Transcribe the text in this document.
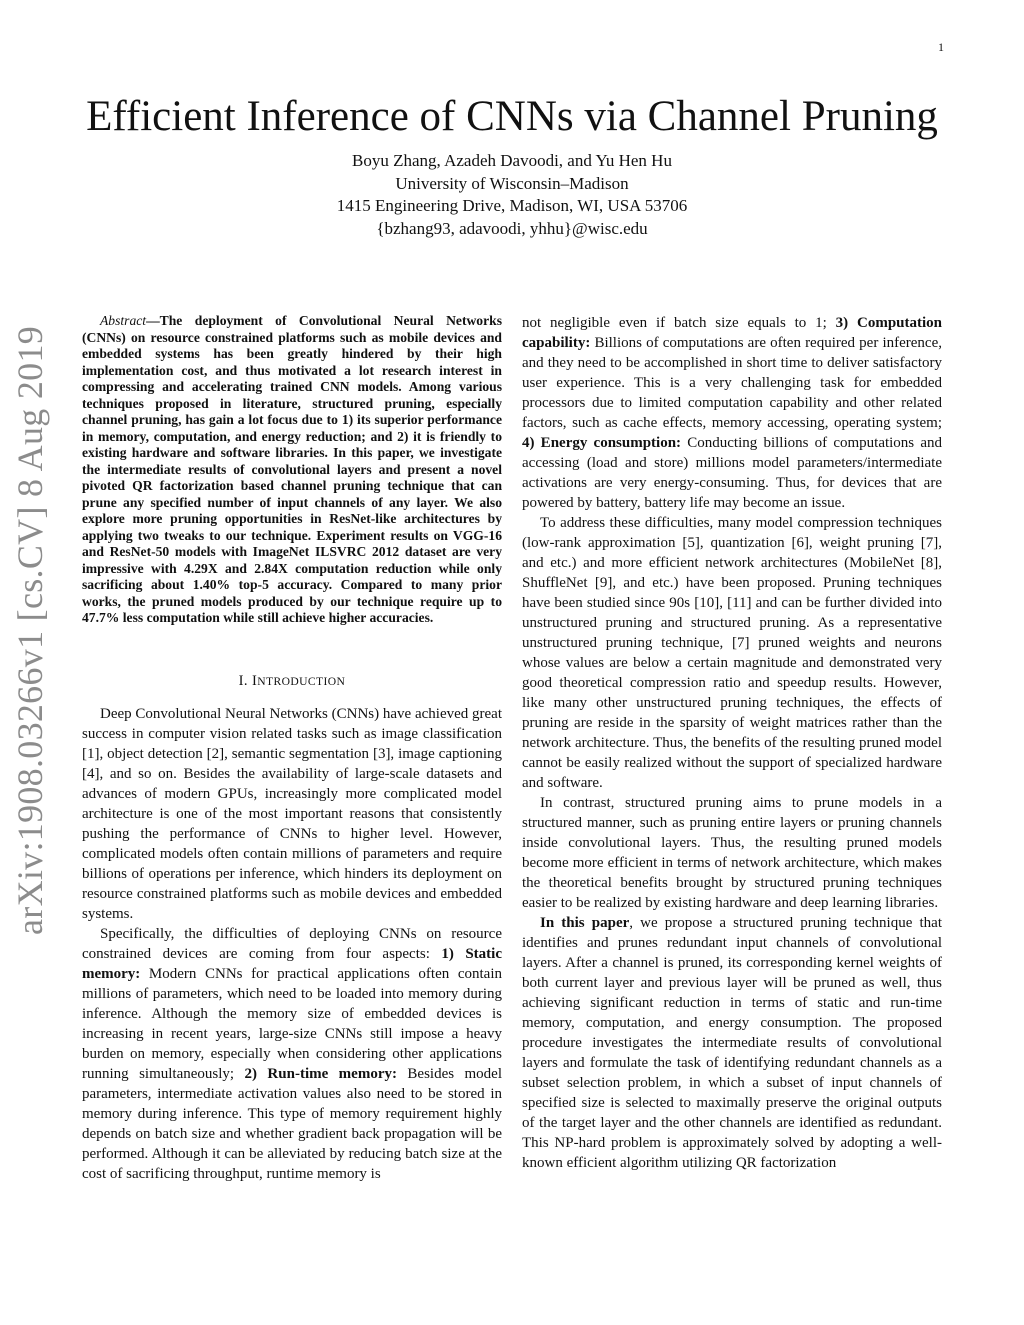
1
arXiv:1908.03266v1 [cs.CV] 8 Aug 2019
Efficient Inference of CNNs via Channel Pruning
Boyu Zhang, Azadeh Davoodi, and Yu Hen Hu
University of Wisconsin–Madison
1415 Engineering Drive, Madison, WI, USA 53706
{bzhang93, adavoodi, yhhu}@wisc.edu

Abstract—The deployment of Convolutional Neural Networks (CNNs) on resource constrained platforms such as mobile devices and embedded systems has been greatly hindered by their high implementation cost, and thus motivated a lot research interest in compressing and accelerating trained CNN models. Among various techniques proposed in literature, structured pruning, especially channel pruning, has gain a lot focus due to 1) its superior performance in memory, computation, and energy reduction; and 2) it is friendly to existing hardware and software libraries. In this paper, we investigate the intermediate results of convolutional layers and present a novel pivoted QR factorization based channel pruning technique that can prune any specified number of input channels of any layer. We also explore more pruning opportunities in ResNet-like architectures by applying two tweaks to our technique. Experiment results on VGG-16 and ResNet-50 models with ImageNet ILSVRC 2012 dataset are very impressive with 4.29X and 2.84X computation reduction while only sacrificing about 1.40% top-5 accuracy. Compared to many prior works, the pruned models produced by our technique require up to 47.7% less computation while still achieve higher accuracies.

I. INTRODUCTION

Deep Convolutional Neural Networks (CNNs) have achieved great success in computer vision related tasks such as image classification [1], object detection [2], semantic segmentation [3], image captioning [4], and so on. Besides the availability of large-scale datasets and advances of modern GPUs, increasingly more complicated model architecture is one of the most important reasons that consistently pushing the performance of CNNs to higher level. However, complicated models often contain millions of parameters and require billions of operations per inference, which hinders its deployment on resource constrained platforms such as mobile devices and embedded systems.

Specifically, the difficulties of deploying CNNs on resource constrained devices are coming from four aspects: 1) Static memory: Modern CNNs for practical applications often contain millions of parameters, which need to be loaded into memory during inference. Although the memory size of embedded devices is increasing in recent years, large-size CNNs still impose a heavy burden on memory, especially when considering other applications running simultaneously; 2) Run-time memory: Besides model parameters, intermediate activation values also need to be stored in memory during inference. This type of memory requirement highly depends on batch size and whether gradient back propagation will be performed. Although it can be alleviated by reducing batch size at the cost of sacrificing throughput, runtime memory is

not negligible even if batch size equals to 1; 3) Computation capability: Billions of computations are often required per inference, and they need to be accomplished in short time to deliver satisfactory user experience. This is a very challenging task for embedded processors due to limited computation capability and other related factors, such as cache effects, memory accessing, operating system; 4) Energy consumption: Conducting billions of computations and accessing (load and store) millions model parameters/intermediate activations are very energy-consuming. Thus, for devices that are powered by battery, battery life may become an issue.

To address these difficulties, many model compression techniques (low-rank approximation [5], quantization [6], weight pruning [7], and etc.) and more efficient network architectures (MobileNet [8], ShuffleNet [9], and etc.) have been proposed. Pruning techniques have been studied since 90s [10], [11] and can be further divided into unstructured pruning and structured pruning. As a representative unstructured pruning technique, [7] pruned weights and neurons whose values are below a certain magnitude and demonstrated very good theoretical compression ratio and speedup results. However, like many other unstructured pruning techniques, the effects of pruning are reside in the sparsity of weight matrices rather than the network architecture. Thus, the benefits of the resulting pruned model cannot be easily realized without the support of specialized hardware and software.

In contrast, structured pruning aims to prune models in a structured manner, such as pruning entire layers or pruning channels inside convolutional layers. Thus, the resulting pruned models become more efficient in terms of network architecture, which makes the theoretical benefits brought by structured pruning techniques easier to be realized by existing hardware and deep learning libraries.

In this paper, we propose a structured pruning technique that identifies and prunes redundant input channels of convolutional layers. After a channel is pruned, its corresponding kernel weights of both current layer and previous layer will be pruned as well, thus achieving significant reduction in terms of static and run-time memory, computation, and energy consumption. The proposed procedure investigates the intermediate results of convolutional layers and formulate the task of identifying redundant channels as a subset selection problem, in which a subset of input channels of specified size is selected to maximally preserve the original outputs of the target layer and the other channels are identified as redundant. This NP-hard problem is approximately solved by adopting a well-known efficient algorithm utilizing QR factorization
